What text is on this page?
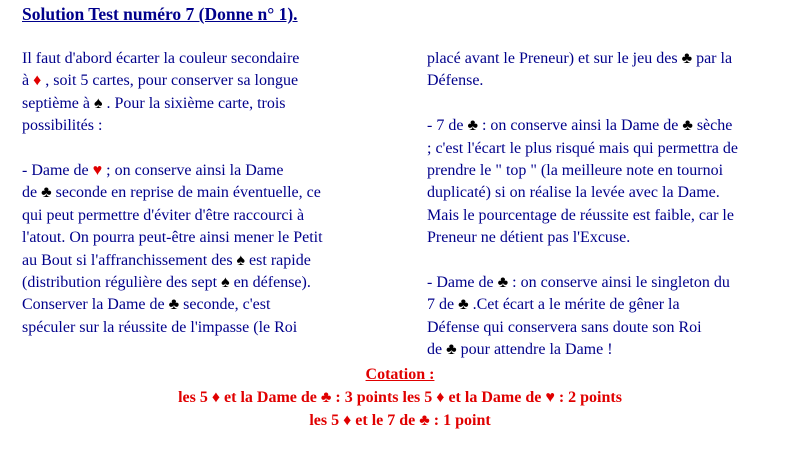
Solution Test numéro 7 (Donne n° 1).
Il faut d'abord écarter la couleur secondaire
à ♦ , soit 5 cartes, pour conserver sa longue
septième à ♠ . Pour la sixième carte, trois
possibilités :
- Dame de ♥ ; on conserve ainsi la Dame
de ♣ seconde en reprise de main éventuelle, ce
qui peut permettre d'éviter d'être raccourci à
l'atout. On pourra peut-être ainsi mener le Petit
au Bout si l'affranchissement des ♠ est rapide
(distribution régulière des sept ♠ en défense).
Conserver la Dame de ♣ seconde, c'est
spéculer sur la réussite de l'impasse (le Roi
placé avant le Preneur) et sur le jeu des ♣ par la
Défense.
- 7 de ♣ : on conserve ainsi la Dame de ♣ sèche
; c'est l'écart le plus risqué mais qui permettra de
prendre le " top " (la meilleure note en tournoi
duplicaté) si on réalise la levée avec la Dame.
Mais le pourcentage de réussite est faible, car le
Preneur ne détient pas l'Excuse.
- Dame de ♣ : on conserve ainsi le singleton du
7 de ♣ .Cet écart a le mérite de gêner la
Défense qui conservera sans doute son Roi
de ♣ pour attendre la Dame !
Cotation :
les 5 ♦ et la Dame de ♣ : 3 points les 5 ♦ et la Dame de ♥ : 2 points
les 5 ♦ et le 7 de ♣ : 1 point
